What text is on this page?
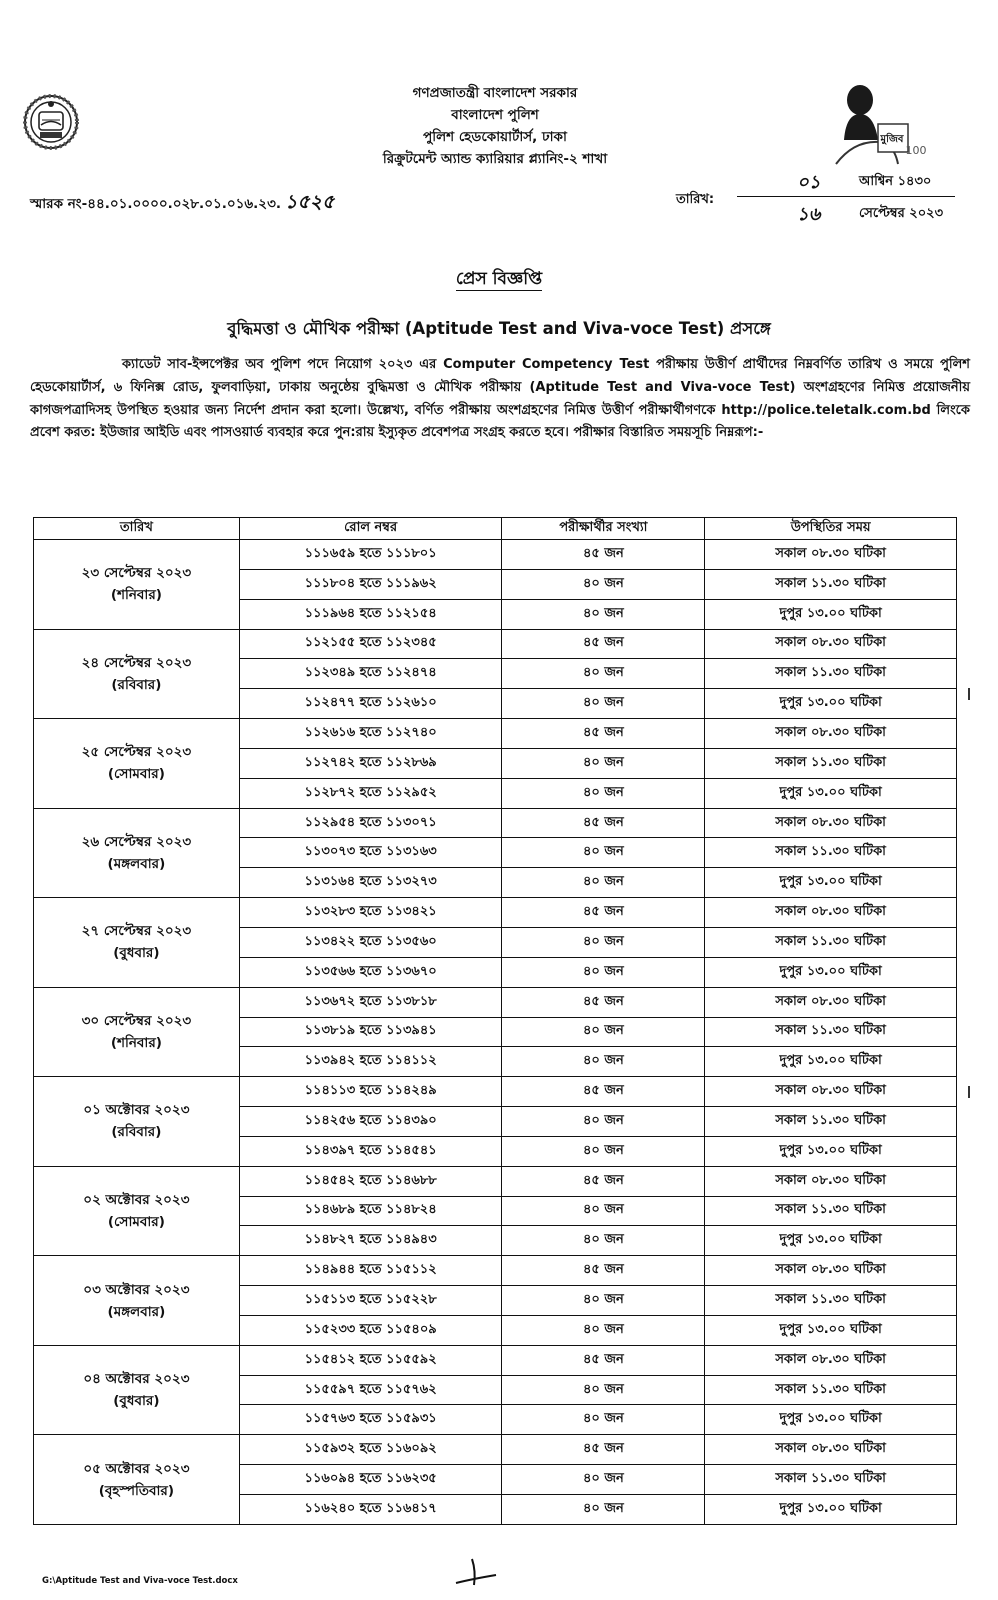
মুজিব
100
গণপ্রজাতন্ত্রী বাংলাদেশ সরকার
বাংলাদেশ পুলিশ
পুলিশ হেডকোয়ার্টার্স, ঢাকা
রিক্রুটমেন্ট অ্যান্ড ক্যারিয়ার প্ল্যানিং-২ শাখা
স্মারক নং-৪৪.০১.০০০০.০২৮.০১.০১৬.২৩. ১৫২৫	তারিখ:
০১	আশ্বিন ১৪৩০
১৬	সেপ্টেম্বর ২০২৩
প্রেস বিজ্ঞপ্তি
বুদ্ধিমত্তা ও মৌখিক পরীক্ষা (Aptitude Test and Viva-voce Test) প্রসঙ্গে
ক্যাডেট সাব-ইন্সপেক্টর অব পুলিশ পদে নিয়োগ ২০২৩ এর Computer Competency Test পরীক্ষায় উত্তীর্ণ প্রার্থীদের নিম্নবর্ণিত তারিখ ও সময়ে পুলিশ হেডকোয়ার্টার্স, ৬ ফিনিক্স রোড, ফুলবাড়িয়া, ঢাকায় অনুষ্ঠেয় বুদ্ধিমত্তা ও মৌখিক পরীক্ষায় (Aptitude Test and Viva-voce Test) অংশগ্রহণের নিমিত্ত প্রয়োজনীয় কাগজপত্রাদিসহ উপস্থিত হওয়ার জন্য নির্দেশ প্রদান করা হলো। উল্লেখ্য, বর্ণিত পরীক্ষায় অংশগ্রহণের নিমিত্ত উত্তীর্ণ পরীক্ষার্থীগণকে http://police.teletalk.com.bd লিংকে প্রবেশ করত: ইউজার আইডি এবং পাসওয়ার্ড ব্যবহার করে পুন:রায় ইস্যুকৃত প্রবেশপত্র সংগ্রহ করতে হবে। পরীক্ষার বিস্তারিত সময়সূচি নিম্নরূপ:-
তারিখ	রোল নম্বর	পরীক্ষার্থীর সংখ্যা	উপস্থিতির সময়

২৩ সেপ্টেম্বর ২০২৩
(শনিবার)	১১১৬৫৯ হতে ১১১৮০১	৪৫ জন	সকাল ০৮.৩০ ঘটিকা
	১১১৮০৪ হতে ১১১৯৬২	৪০ জন	সকাল ১১.৩০ ঘটিকা
	১১১৯৬৪ হতে ১১২১৫৪	৪০ জন	দুপুর ১৩.০০ ঘটিকা

২৪ সেপ্টেম্বর ২০২৩
(রবিবার)	১১২১৫৫ হতে ১১২৩৪৫	৪৫ জন	সকাল ০৮.৩০ ঘটিকা
	১১২৩৪৯ হতে ১১২৪৭৪	৪০ জন	সকাল ১১.৩০ ঘটিকা
	১১২৪৭৭ হতে ১১২৬১০	৪০ জন	দুপুর ১৩.০০ ঘটিকা

২৫ সেপ্টেম্বর ২০২৩
(সোমবার)	১১২৬১৬ হতে ১১২৭৪০	৪৫ জন	সকাল ০৮.৩০ ঘটিকা
	১১২৭৪২ হতে ১১২৮৬৯	৪০ জন	সকাল ১১.৩০ ঘটিকা
	১১২৮৭২ হতে ১১২৯৫২	৪০ জন	দুপুর ১৩.০০ ঘটিকা

২৬ সেপ্টেম্বর ২০২৩
(মঙ্গলবার)	১১২৯৫৪ হতে ১১৩০৭১	৪৫ জন	সকাল ০৮.৩০ ঘটিকা
	১১৩০৭৩ হতে ১১৩১৬৩	৪০ জন	সকাল ১১.৩০ ঘটিকা
	১১৩১৬৪ হতে ১১৩২৭৩	৪০ জন	দুপুর ১৩.০০ ঘটিকা

২৭ সেপ্টেম্বর ২০২৩
(বুধবার)	১১৩২৮৩ হতে ১১৩৪২১	৪৫ জন	সকাল ০৮.৩০ ঘটিকা
	১১৩৪২২ হতে ১১৩৫৬০	৪০ জন	সকাল ১১.৩০ ঘটিকা
	১১৩৫৬৬ হতে ১১৩৬৭০	৪০ জন	দুপুর ১৩.০০ ঘটিকা

৩০ সেপ্টেম্বর ২০২৩
(শনিবার)	১১৩৬৭২ হতে ১১৩৮১৮	৪৫ জন	সকাল ০৮.৩০ ঘটিকা
	১১৩৮১৯ হতে ১১৩৯৪১	৪০ জন	সকাল ১১.৩০ ঘটিকা
	১১৩৯৪২ হতে ১১৪১১২	৪০ জন	দুপুর ১৩.০০ ঘটিকা

০১ অক্টোবর ২০২৩
(রবিবার)	১১৪১১৩ হতে ১১৪২৪৯	৪৫ জন	সকাল ০৮.৩০ ঘটিকা
	১১৪২৫৬ হতে ১১৪৩৯০	৪০ জন	সকাল ১১.৩০ ঘটিকা
	১১৪৩৯৭ হতে ১১৪৫৪১	৪০ জন	দুপুর ১৩.০০ ঘটিকা

০২ অক্টোবর ২০২৩
(সোমবার)	১১৪৫৪২ হতে ১১৪৬৮৮	৪৫ জন	সকাল ০৮.৩০ ঘটিকা
	১১৪৬৮৯ হতে ১১৪৮২৪	৪০ জন	সকাল ১১.৩০ ঘটিকা
	১১৪৮২৭ হতে ১১৪৯৪৩	৪০ জন	দুপুর ১৩.০০ ঘটিকা

০৩ অক্টোবর ২০২৩
(মঙ্গলবার)	১১৪৯৪৪ হতে ১১৫১১২	৪৫ জন	সকাল ০৮.৩০ ঘটিকা
	১১৫১১৩ হতে ১১৫২২৮	৪০ জন	সকাল ১১.৩০ ঘটিকা
	১১৫২৩৩ হতে ১১৫৪০৯	৪০ জন	দুপুর ১৩.০০ ঘটিকা

০৪ অক্টোবর ২০২৩
(বুধবার)	১১৫৪১২ হতে ১১৫৫৯২	৪৫ জন	সকাল ০৮.৩০ ঘটিকা
	১১৫৫৯৭ হতে ১১৫৭৬২	৪০ জন	সকাল ১১.৩০ ঘটিকা
	১১৫৭৬৩ হতে ১১৫৯৩১	৪০ জন	দুপুর ১৩.০০ ঘটিকা

০৫ অক্টোবর ২০২৩
(বৃহস্পতিবার)	১১৫৯৩২ হতে ১১৬০৯২	৪৫ জন	সকাল ০৮.৩০ ঘটিকা
	১১৬০৯৪ হতে ১১৬২৩৫	৪০ জন	সকাল ১১.৩০ ঘটিকা
	১১৬২৪০ হতে ১১৬৪১৭	৪০ জন	দুপুর ১৩.০০ ঘটিকা
G:\Aptitude Test and Viva-voce Test.docx
